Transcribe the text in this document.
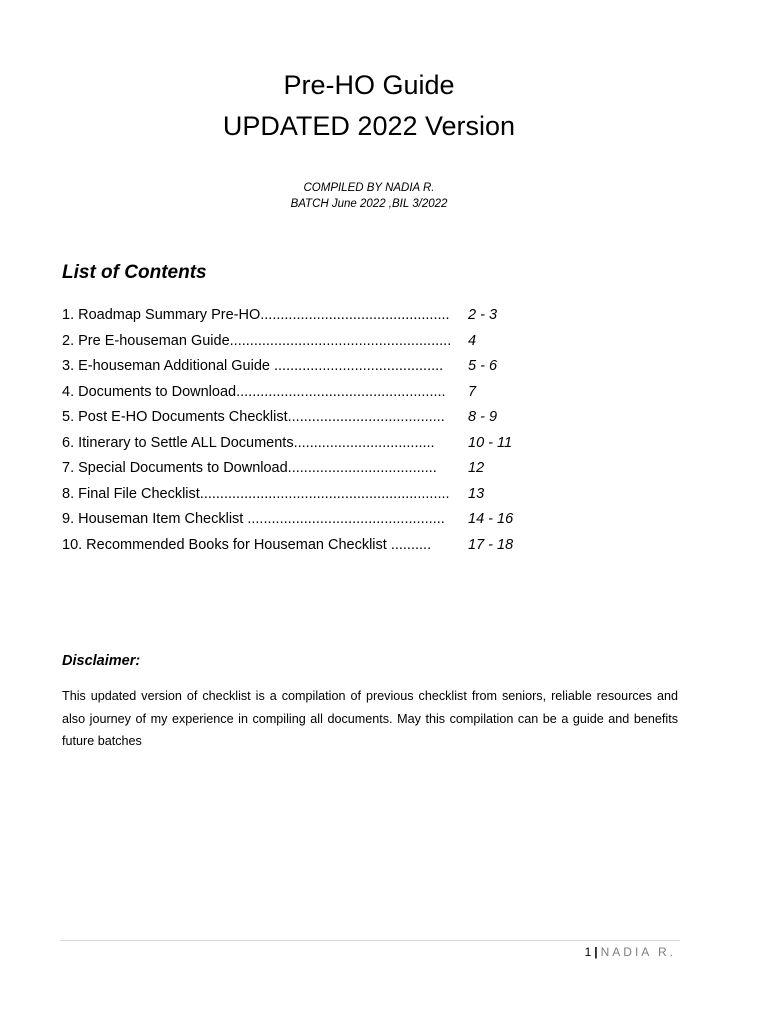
Pre-HO Guide
UPDATED 2022 Version
COMPILED BY NADIA R.
BATCH June 2022 ,BIL 3/2022
List of Contents
1. Roadmap Summary Pre-HO...............................................	2 - 3
2. Pre E-houseman Guide.......................................................	4
3. E-houseman Additional Guide ..........................................	5 - 6
4. Documents to Download....................................................	7
5. Post E-HO Documents Checklist.......................................	8 - 9
6. Itinerary to Settle ALL Documents...................................	10 - 11
7. Special Documents to Download.....................................	12
8. Final File Checklist..............................................................	13
9. Houseman Item Checklist .................................................	14 - 16
10. Recommended Books for Houseman Checklist ..........	17 - 18
Disclaimer:
This updated version of checklist is a compilation of previous checklist from seniors, reliable resources and also journey of my experience in compiling all documents. May this compilation can be a guide and benefits future batches
1 | NADIA R.
